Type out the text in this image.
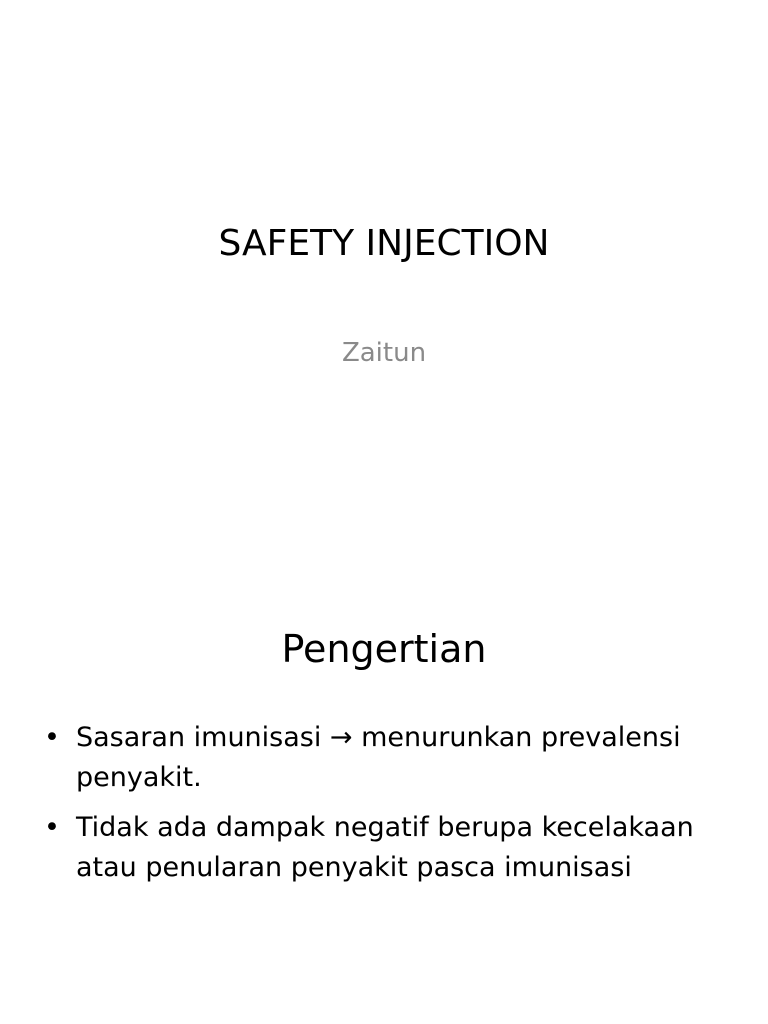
SAFETY INJECTION

Zaitun

Pengertian
• Sasaran imunisasi → menurunkan prevalensi penyakit.
• Tidak ada dampak negatif berupa kecelakaan atau penularan penyakit pasca imunisasi
